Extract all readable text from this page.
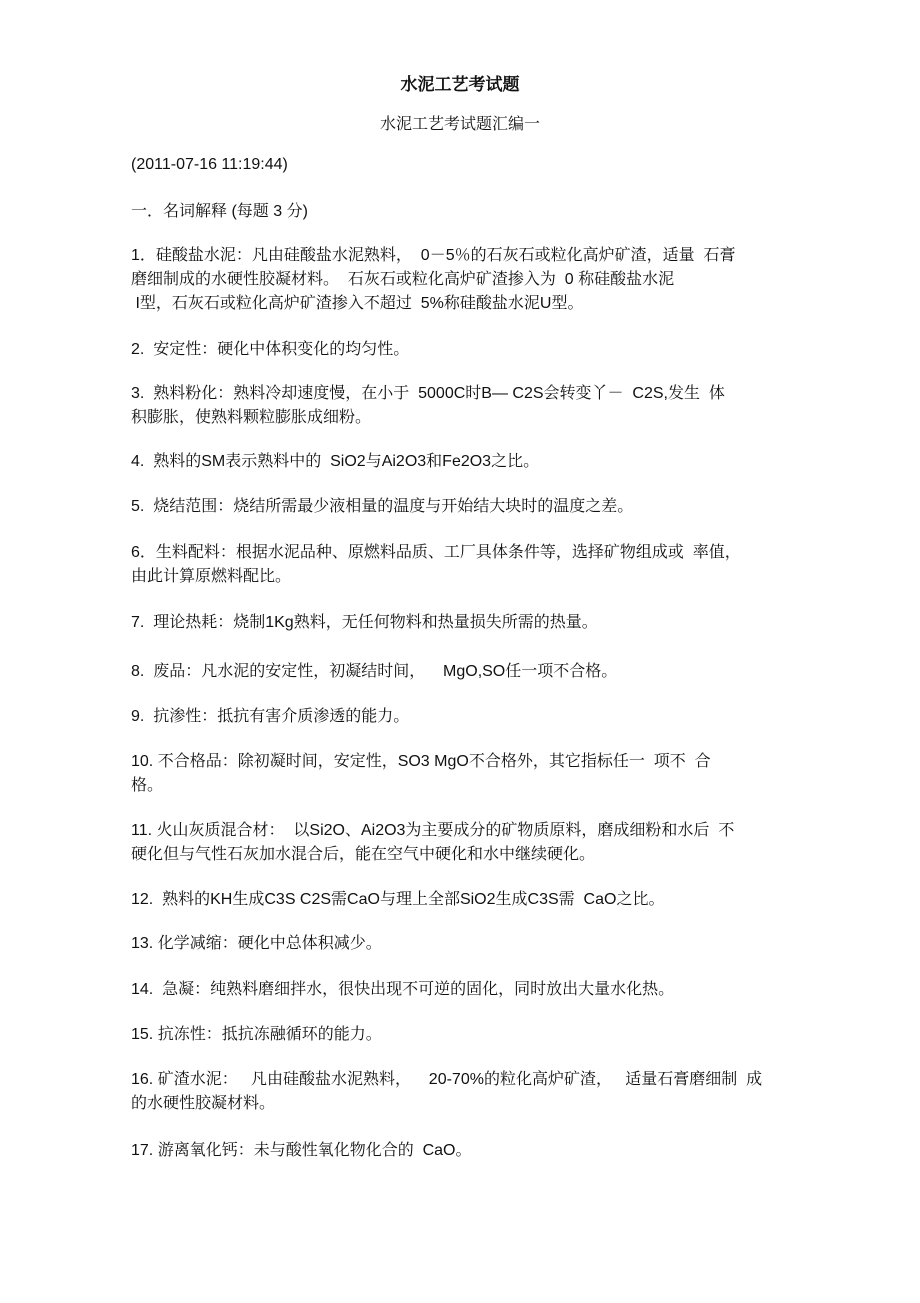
水泥工艺考试题
水泥工艺考试题汇编一
(2011-07-16 11:19:44)
一．名词解释 (每题 3 分)
1．硅酸盐水泥：凡由硅酸盐水泥熟料，  0－5％的石灰石或粒化高炉矿渣，适量  石膏
磨细制成的水硬性胶凝材料。  石灰石或粒化高炉矿渣掺入为  0 称硅酸盐水泥
I型，石灰石或粒化高炉矿渣掺入不超过  5%称硅酸盐水泥U型。
2.  安定性：硬化中体积变化的均匀性。
3.  熟料粉化：熟料冷却速度慢，在小于  5000C时B— C2S会转变丫－  C2S,发生  体
积膨胀，使熟料颗粒膨胀成细粉。
4.  熟料的SM表示熟料中的  SiO2与Ai2O3和Fe2O3之比。
5.  烧结范围：烧结所需最少液相量的温度与开始结大块时的温度之差。
6．生料配料：根据水泥品种、原燃料品质、工厂具体条件等，选择矿物组成或  率值，
由此计算原燃料配比。
7.  理论热耗：烧制1Kg熟料，无任何物料和热量损失所需的热量。
8.  废品：凡水泥的安定性，初凝结时间，    MgO,SO任一项不合格。
9.  抗渗性：抵抗有害介质渗透的能力。
10. 不合格品：除初凝时间，安定性，SO3 MgO不合格外，其它指标任一  项不  合
格。
11. 火山灰质混合材：  以Si2O、Ai2O3为主要成分的矿物质原料，磨成细粉和水后  不
硬化但与气性石灰加水混合后，能在空气中硬化和水中继续硬化。
12.  熟料的KH生成C3S C2S需CaO与理上全部SiO2生成C3S需  CaO之比。
13. 化学减缩：硬化中总体积减少。
14.  急凝：纯熟料磨细拌水，很快出现不可逆的固化，同时放出大量水化热。
15. 抗冻性：抵抗冻融循环的能力。
16. 矿渣水泥：   凡由硅酸盐水泥熟料，    20-70%的粒化高炉矿渣，   适量石膏磨细制  成
的水硬性胶凝材料。
17. 游离氧化钙：未与酸性氧化物化合的  CaO。
